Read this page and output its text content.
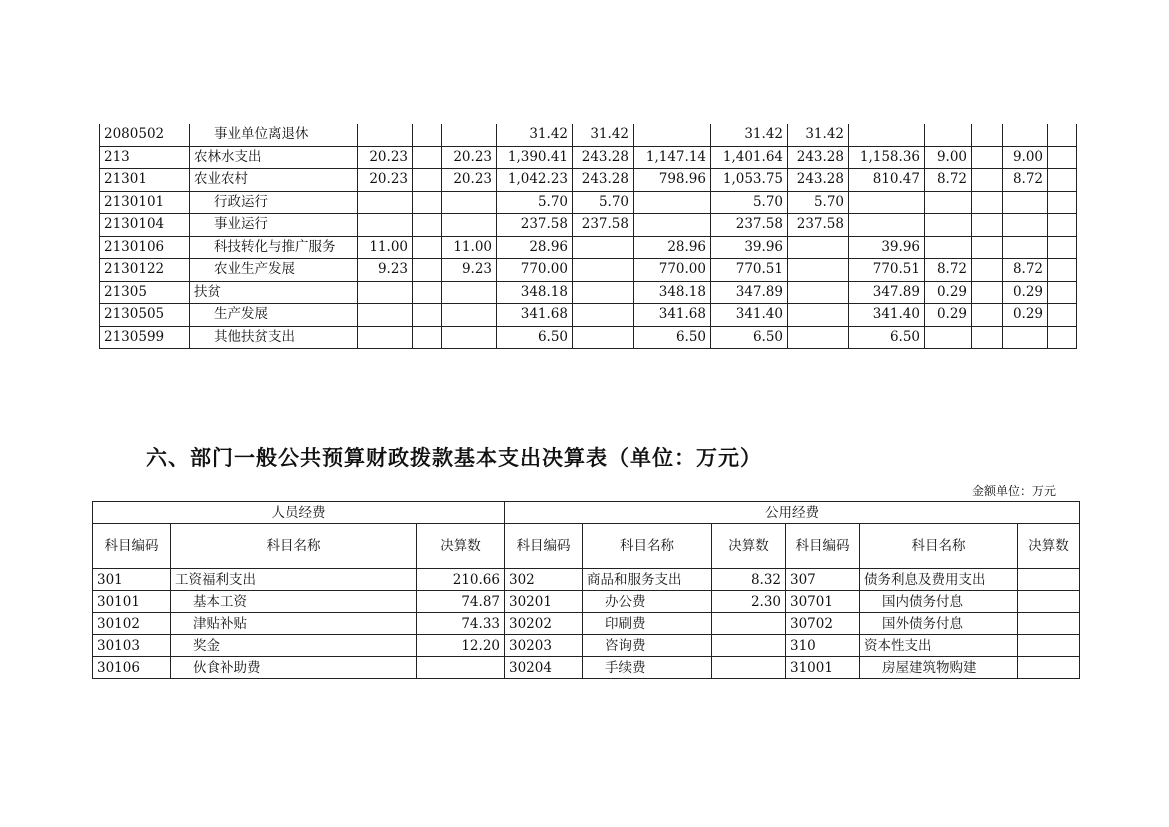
2080502	事业单位离退休				31.42	31.42		31.42	31.42					
213	农林水支出	20.23		20.23	1,390.41	243.28	1,147.14	1,401.64	243.28	1,158.36	9.00		9.00	
21301	农业农村	20.23		20.23	1,042.23	243.28	798.96	1,053.75	243.28	810.47	8.72		8.72	
2130101	行政运行				5.70	5.70		5.70	5.70					
2130104	事业运行				237.58	237.58		237.58	237.58					
2130106	科技转化与推广服务	11.00		11.00	28.96		28.96	39.96		39.96				
2130122	农业生产发展	9.23		9.23	770.00		770.00	770.51		770.51	8.72		8.72	
21305	扶贫				348.18		348.18	347.89		347.89	0.29		0.29	
2130505	生产发展				341.68		341.68	341.40		341.40	0.29		0.29	
2130599	其他扶贫支出				6.50		6.50	6.50		6.50				
六、部门一般公共预算财政拨款基本支出决算表（单位：万元）
金额单位：万元
人员经费			公用经费					
科目编码	科目名称	决算数	科目编码	科目名称	决算数	科目编码	科目名称	决算数
301	工资福利支出	210.66	302	商品和服务支出	8.32	307	债务利息及费用支出	
30101	基本工资	74.87	30201	办公费	2.30	30701	国内债务付息	
30102	津贴补贴	74.33	30202	印刷费		30702	国外债务付息	
30103	奖金	12.20	30203	咨询费		310	资本性支出	
30106	伙食补助费		30204	手续费		31001	房屋建筑物购建	
